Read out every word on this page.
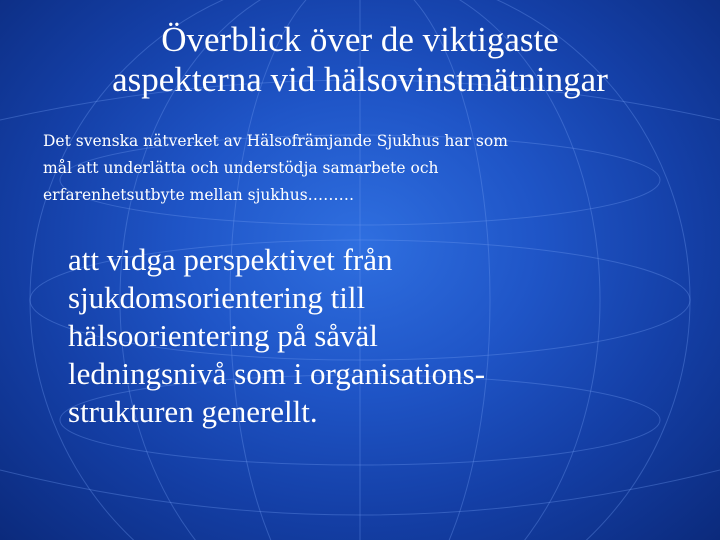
Överblick över de viktigaste
aspekterna vid hälsovinstmätningar
Det svenska nätverket av Hälsofrämjande Sjukhus har som
mål att underlätta och understödja samarbete och
erfarenhetsutbyte mellan sjukhus………
att vidga perspektivet från
sjukdomsorientering till
hälsoorientering på såväl
ledningsnivå som i organisations-
strukturen generellt.
